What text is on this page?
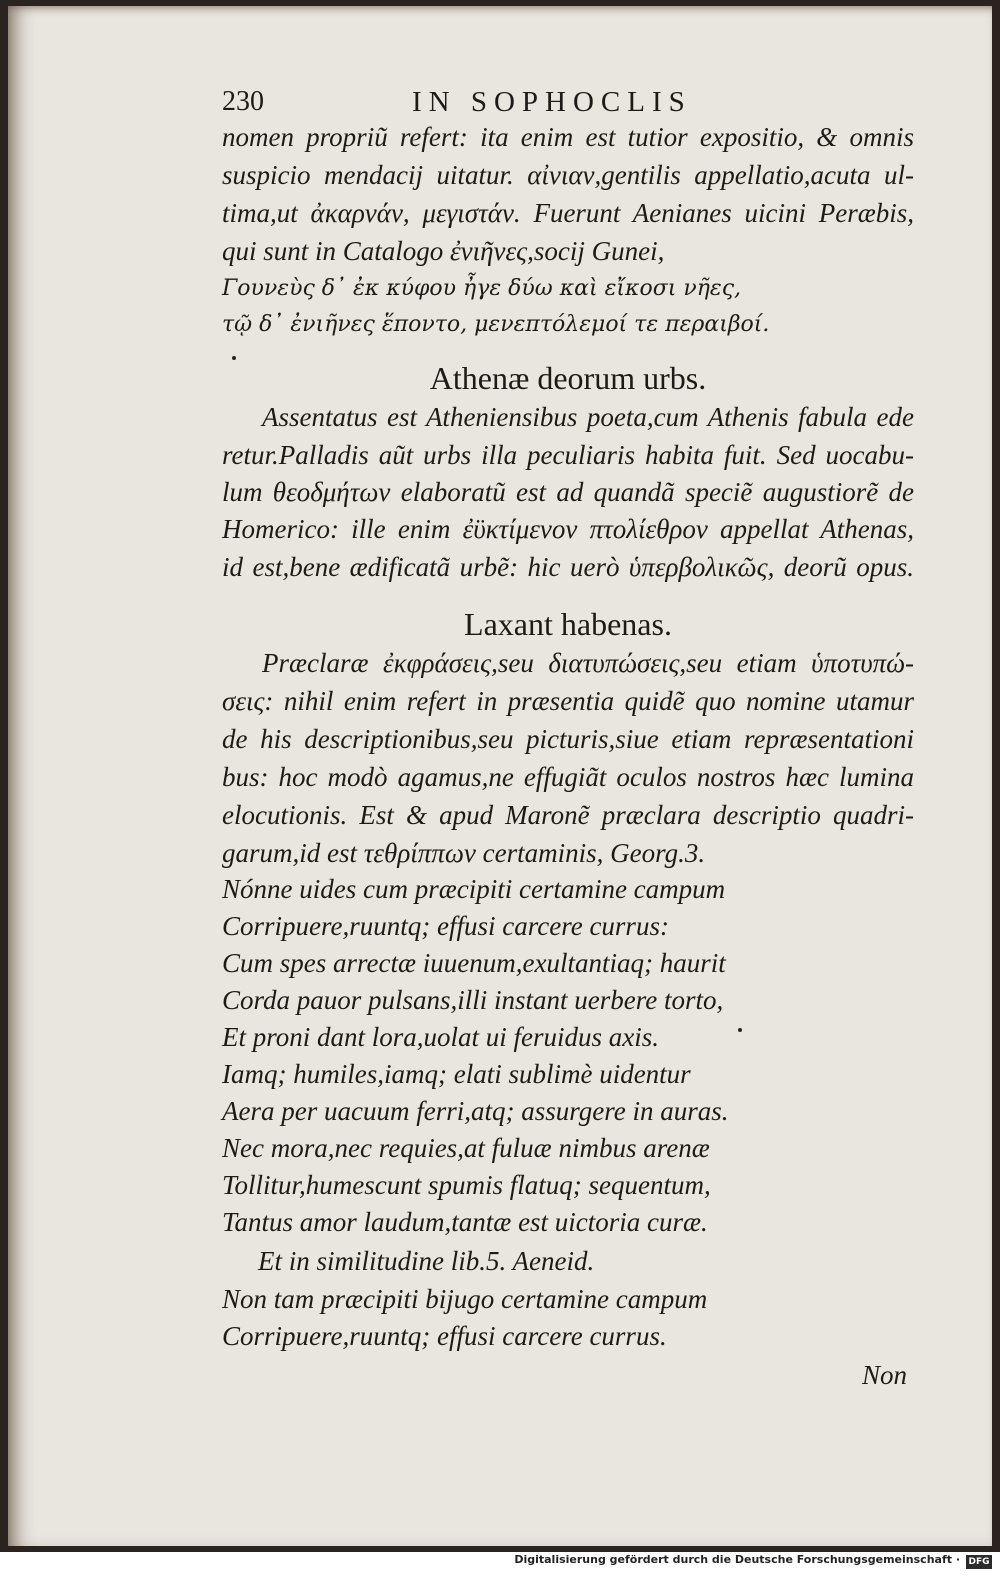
230	IN SOPHOCLIS
nomen propriũ refert: ita enim est tutior expositio, & omnis
suspicio mendacij uitatur. αἰνιαν,gentilis appellatio,acuta ul-
tima,ut ἀκαρνάν, μεγιστάν. Fuerunt Aenianes uicini Peræbis,
qui sunt in Catalogo ἐνιῆνες,socij Gunei,
Γουνεὺς δ᾽ ἐκ κύφου ἦγε δύω καὶ εἴκοσι νῆες,
τῷ δ᾽ ἐνιῆνες ἕποντο, μενεπτόλεμοί τε περαιβοί.
Athenæ deorum urbs.
Assentatus est Atheniensibus poeta,cum Athenis fabula ede
retur.Palladis aũt urbs illa peculiaris habita fuit. Sed uocabu-
lum θεοδμήτων elaboratũ est ad quandã speciẽ augustiorẽ de
Homerico: ille enim ἐϋκτίμενον πτολίεθρον appellat Athenas,
id est,bene ædificatã urbẽ: hic uerò ὑπερβολικῶς, deorũ opus.
Laxant habenas.
Præclaræ ἐκφράσεις,seu διατυπώσεις,seu etiam ὑποτυπώ-
σεις: nihil enim refert in præsentia quidẽ quo nomine utamur
de his descriptionibus,seu picturis,siue etiam repræsentationi
bus: hoc modò agamus,ne effugiãt oculos nostros hæc lumina
elocutionis. Est & apud Maronẽ præclara descriptio quadri-
garum,id est τεθρίππων certaminis, Georg.3.
Nónne uides cum præcipiti certamine campum
Corripuere,ruuntq; effusi carcere currus:
Cum spes arrectæ iuuenum,exultantiaq; haurit
Corda pauor pulsans,illi instant uerbere torto,
Et proni dant lora,uolat ui feruidus axis.
Iamq; humiles,iamq; elati sublimè uidentur
Aera per uacuum ferri,atq; assurgere in auras.
Nec mora,nec requies,at fuluæ nimbus arenæ
Tollitur,humescunt spumis flatuq; sequentum,
Tantus amor laudum,tantæ est uictoria curæ.
Et in similitudine lib.5. Aeneid.
Non tam præcipiti bijugo certamine campum
Corripuere,ruuntq; effusi carcere currus.
Non
Digitalisierung gefördert durch die Deutsche Forschungsgemeinschaft · DFG
